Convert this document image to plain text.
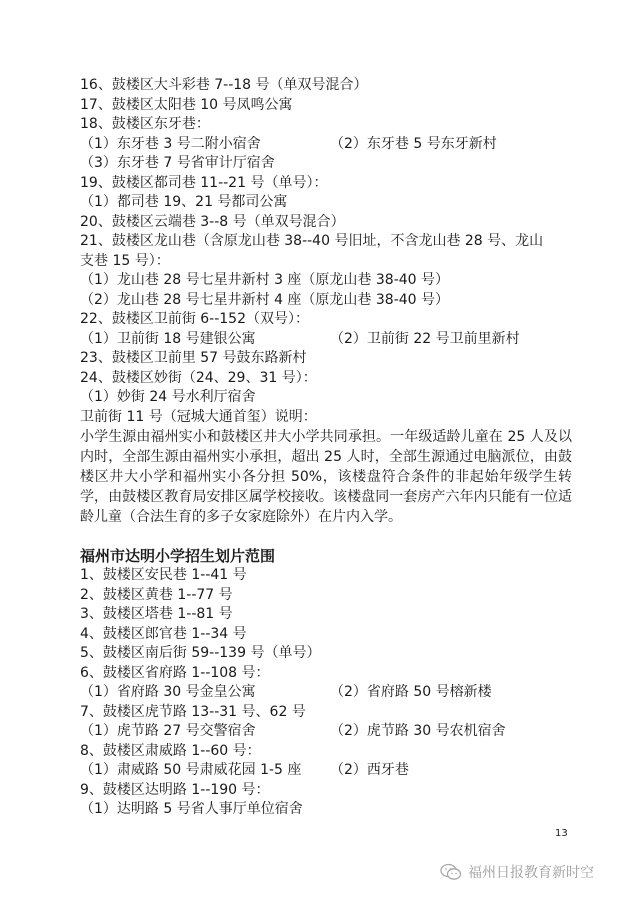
16、鼓楼区大斗彩巷 7--18 号（单双号混合）
17、鼓楼区太阳巷 10 号凤鸣公寓
18、鼓楼区东牙巷：
（1）东牙巷 3 号二附小宿舍	（2）东牙巷 5 号东牙新村
（3）东牙巷 7 号省审计厅宿舍
19、鼓楼区都司巷 11--21 号（单号）：
（1）都司巷 19、21 号都司公寓
20、鼓楼区云端巷 3--8 号（单双号混合）
21、鼓楼区龙山巷（含原龙山巷 38--40 号旧址，不含龙山巷 28 号、龙山
支巷 15 号）：
（1）龙山巷 28 号七星井新村 3 座（原龙山巷 38-40 号）
（2）龙山巷 28 号七星井新村 4 座（原龙山巷 38-40 号）
22、鼓楼区卫前街 6--152（双号）：
（1）卫前街 18 号建银公寓	（2）卫前街 22 号卫前里新村
23、鼓楼区卫前里 57 号鼓东路新村
24、鼓楼区妙街（24、29、31 号）：
（1）妙街 24 号水利厅宿舍
卫前街 11 号（冠城大通首玺）说明：
小学生源由福州实小和鼓楼区井大小学共同承担。一年级适龄儿童在 25 人及以内时，全部生源由福州实小承担，超出 25 人时，全部生源通过电脑派位，由鼓楼区井大小学和福州实小各分担 50%，该楼盘符合条件的非起始年级学生转学，由鼓楼区教育局安排区属学校接收。该楼盘同一套房产六年内只能有一位适龄儿童（合法生育的多子女家庭除外）在片内入学。
福州市达明小学招生划片范围
1、鼓楼区安民巷 1--41 号
2、鼓楼区黄巷 1--77 号
3、鼓楼区塔巷 1--81 号
4、鼓楼区郎官巷 1--34 号
5、鼓楼区南后街 59--139 号（单号）
6、鼓楼区省府路 1--108 号：
（1）省府路 30 号金皇公寓	（2）省府路 50 号榕新楼
7、鼓楼区虎节路 13--31 号、62 号
（1）虎节路 27 号交警宿舍	（2）虎节路 30 号农机宿舍
8、鼓楼区肃威路 1--60 号：
（1）肃威路 50 号肃威花园 1-5 座	（2）西牙巷
9、鼓楼区达明路 1--190 号：
（1）达明路 5 号省人事厅单位宿舍
13
福州日报教育新时空
